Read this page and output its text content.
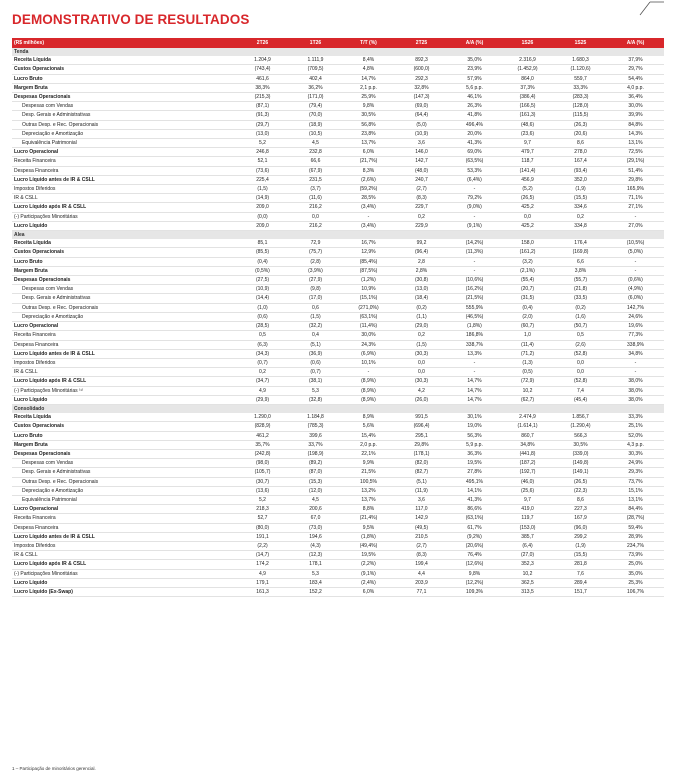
DEMONSTRATIVO DE RESULTADOS
(R$ milhões)	2T26	1T26	T/T (%)	2T25	A/A (%)	1S26	1S25	A/A (%)
Tenda								
Receita Líquida	1.204,9	1.111,9	8,4%	892,3	35,0%	2.316,9	1.680,3	37,9%
Custos Operacionais	(743,4)	(709,5)	4,8%	(600,0)	23,9%	(1.452,9)	(1.120,6)	29,7%
Lucro Bruto	461,6	402,4	14,7%	292,3	57,9%	864,0	559,7	54,4%
Margem Bruta	38,3%	36,2%	2,1 p.p.	32,8%	5,6 p.p.	37,3%	33,3%	4,0 p.p.
Despesas Operacionais	(215,3)	(171,0)	25,9%	(147,3)	46,1%	(386,4)	(283,3)	36,4%
Despesas com Vendas	(87,1)	(79,4)	9,8%	(69,0)	26,3%	(166,5)	(128,0)	30,0%
Desp. Gerais e Administrativas	(91,3)	(70,0)	30,5%	(64,4)	41,8%	(161,3)	(115,5)	39,9%
Outras Desp. e Rec. Operacionais	(29,7)	(18,9)	56,8%	(5,0)	496,4%	(48,6)	(26,3)	84,8%
Depreciação e Amortização	(13,0)	(10,5)	23,8%	(10,9)	20,0%	(23,6)	(20,6)	14,3%
Equivalência Patrimonial	5,2	4,5	13,7%	3,6	41,3%	9,7	8,6	13,1%
Lucro Operacional	246,8	232,8	6,0%	146,0	69,0%	479,7	278,0	72,5%
Receita Financeira	52,1	66,6	(21,7%)	142,7	(63,5%)	118,7	167,4	(29,1%)
Despesa Financeira	(73,6)	(67,9)	8,3%	(48,0)	53,3%	(141,4)	(93,4)	51,4%
Lucro Líquido antes de IR & CSLL	225,4	231,5	(2,6%)	240,7	(6,4%)	456,9	352,0	29,8%
Impostos Diferidos	(1,5)	(3,7)	(59,2%)	(2,7)	-	(5,2)	(1,9)	165,9%
IR & CSLL	(14,9)	(11,6)	28,5%	(8,3)	79,2%	(26,5)	(15,5)	71,1%
Lucro Líquido após IR & CSLL	209,0	216,2	(3,4%)	229,7	(9,0%)	425,2	334,6	27,1%
(-) Participações Minoritárias	(0,0)	0,0	-	0,2	-	0,0	0,2	-
Lucro Líquido	209,0	216,2	(3,4%)	229,9	(9,1%)	425,2	334,8	27,0%
Alea								
Receita Líquida	85,1	72,9	16,7%	99,2	(14,2%)	158,0	176,4	(10,5%)
Custos Operacionais	(85,5)	(75,7)	12,9%	(96,4)	(11,3%)	(161,2)	(169,8)	(5,0%)
Lucro Bruto	(0,4)	(2,8)	(85,4%)	2,8	-	(3,2)	6,6	-
Margem Bruta	(0,5%)	(3,9%)	(87,5%)	2,8%	-	(2,1%)	3,8%	-
Despesas Operacionais	(27,5)	(27,9)	(1,2%)	(30,8)	(10,6%)	(55,4)	(55,7)	(0,6%)
Despesas com Vendas	(10,9)	(9,8)	10,9%	(13,0)	(16,2%)	(20,7)	(21,8)	(4,9%)
Desp. Gerais e Administrativas	(14,4)	(17,0)	(15,1%)	(18,4)	(21,5%)	(31,5)	(33,5)	(6,0%)
Outras Desp. e Rec. Operacionais	(1,0)	0,6	(271,0%)	(0,2)	555,9%	(0,4)	(0,2)	142,7%
Depreciação e Amortização	(0,6)	(1,5)	(63,1%)	(1,1)	(46,5%)	(2,0)	(1,6)	24,6%
Lucro Operacional	(28,5)	(32,2)	(11,4%)	(29,0)	(1,8%)	(60,7)	(50,7)	19,6%
Receita Financeira	0,5	0,4	30,0%	0,2	186,8%	1,0	0,5	77,3%
Despesa Financeira	(6,3)	(5,1)	24,3%	(1,5)	338,7%	(11,4)	(2,6)	338,9%
Lucro Líquido antes de IR & CSLL	(34,3)	(36,9)	(6,9%)	(30,3)	13,3%	(71,2)	(52,8)	34,8%
Impostos Diferidos	(0,7)	(0,6)	10,1%	0,0	-	(1,3)	0,0	-
IR & CSLL	0,2	(0,7)	-	0,0	-	(0,5)	0,0	-
Lucro Líquido após IR & CSLL	(34,7)	(38,1)	(8,9%)	(30,3)	14,7%	(72,9)	(52,8)	38,0%
(-) Participações Minoritárias ⁽¹⁾	4,9	5,3	(8,9%)	4,2	14,7%	10,2	7,4	38,0%
Lucro Líquido	(29,9)	(32,8)	(8,9%)	(26,0)	14,7%	(62,7)	(45,4)	38,0%
Consolidado								
Receita Líquida	1.290,0	1.184,8	8,9%	991,5	30,1%	2.474,9	1.856,7	33,3%
Custos Operacionais	(828,9)	(785,3)	5,6%	(696,4)	19,0%	(1.614,1)	(1.290,4)	25,1%
Lucro Bruto	461,2	399,6	15,4%	295,1	56,3%	860,7	566,3	52,0%
Margem Bruta	35,7%	33,7%	2,0 p.p.	29,8%	5,9 p.p.	34,8%	30,5%	4,3 p.p.
Despesas Operacionais	(242,8)	(198,9)	22,1%	(178,1)	36,3%	(441,8)	(339,0)	30,3%
Despesas com Vendas	(98,0)	(89,2)	9,9%	(82,0)	19,5%	(187,2)	(149,8)	24,9%
Desp. Gerais e Administrativas	(105,7)	(87,0)	21,5%	(82,7)	27,8%	(192,7)	(149,1)	29,3%
Outras Desp. e Rec. Operacionais	(30,7)	(15,3)	100,5%	(5,1)	495,1%	(46,0)	(26,5)	73,7%
Depreciação e Amortização	(13,6)	(12,0)	13,2%	(11,9)	14,1%	(25,6)	(22,3)	15,1%
Equivalência Patrimonial	5,2	4,5	13,7%	3,6	41,3%	9,7	8,6	13,1%
Lucro Operacional	218,3	200,6	8,8%	117,0	86,6%	419,0	227,3	84,4%
Receita Financeira	52,7	67,0	(21,4%)	142,9	(63,1%)	119,7	167,9	(28,7%)
Despesa Financeira	(80,0)	(73,0)	9,5%	(49,5)	61,7%	(153,0)	(96,0)	59,4%
Lucro Líquido antes de IR & CSLL	191,1	194,6	(1,8%)	210,5	(9,2%)	385,7	299,2	28,9%
Impostos Diferidos	(2,2)	(4,3)	(49,4%)	(2,7)	(20,6%)	(6,4)	(1,9)	234,7%
IR & CSLL	(14,7)	(12,3)	19,5%	(8,3)	76,4%	(27,0)	(15,5)	73,9%
Lucro Líquido após IR & CSLL	174,2	178,1	(2,2%)	199,4	(12,6%)	352,3	281,8	25,0%
(-) Participações Minoritárias	4,9	5,3	(9,1%)	4,4	9,8%	10,2	7,6	35,0%
Lucro Líquido	179,1	183,4	(2,4%)	203,9	(12,2%)	362,5	289,4	25,3%
Lucro Líquido (Ex-Swap)	161,3	152,2	6,0%	77,1	109,3%	313,5	151,7	106,7%
1 – Participação de minoritários gerencial.
